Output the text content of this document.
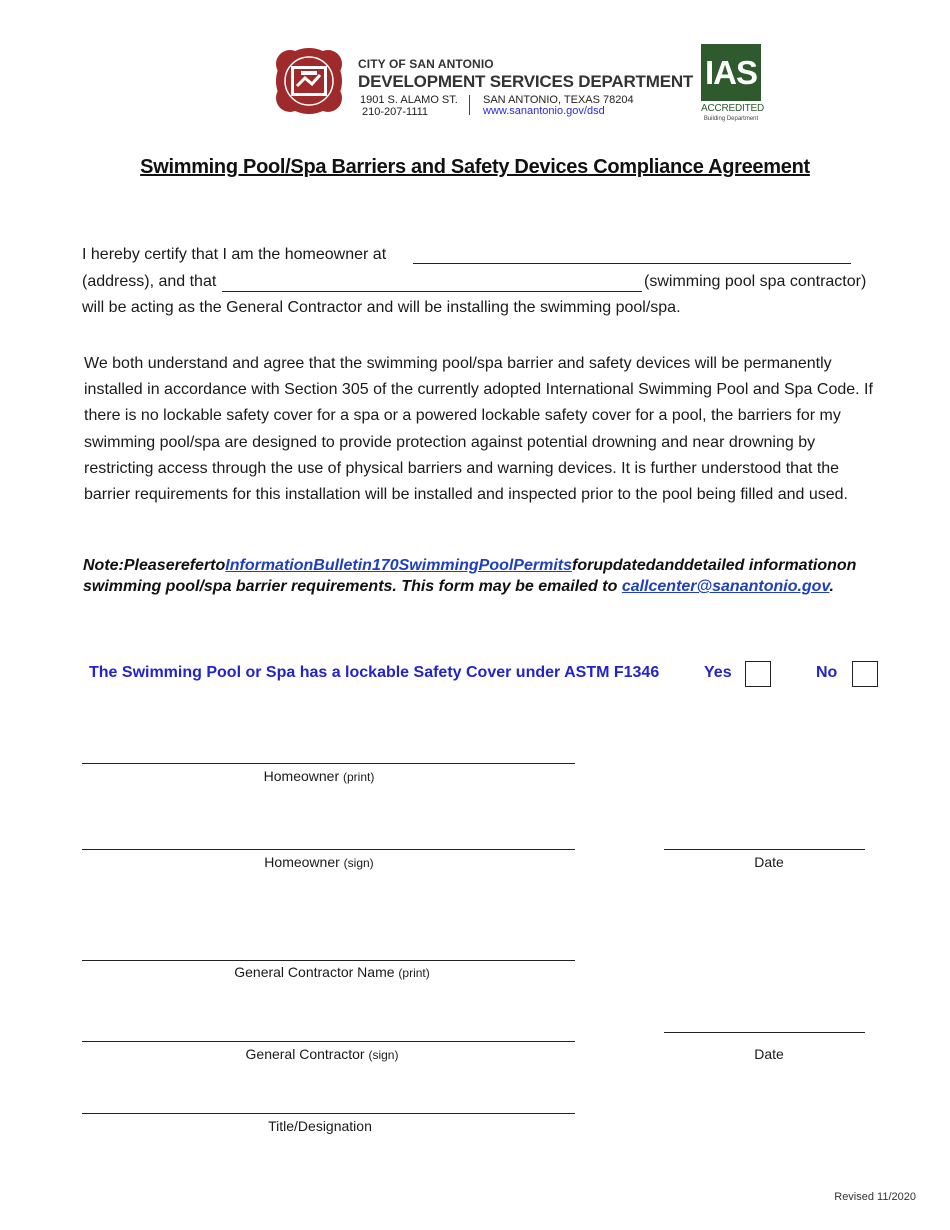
CITY OF SAN ANTONIO
DEVELOPMENT SERVICES DEPARTMENT
1901 S. ALAMO ST.
210-207-1111
SAN ANTONIO, TEXAS 78204
www.sanantonio.gov/dsd
IAS
ACCREDITED
Building Department
Swimming Pool/Spa Barriers and Safety Devices Compliance Agreement
I hereby certify that I am the homeowner at
(address), and that	(swimming pool spa contractor)
will be acting as the General Contractor and will be installing the swimming pool/spa.
We both understand and agree that the swimming pool/spa barrier and safety devices will be permanently installed in accordance with Section 305 of the currently adopted International Swimming Pool and Spa Code. If there is no lockable safety cover for a spa or a powered lockable safety cover for a pool, the barriers for my swimming pool/spa are designed to provide protection against potential drowning and near drowning by restricting access through the use of physical barriers and warning devices. It is further understood that the barrier requirements for this installation will be installed and inspected prior to the pool being filled and used.
Note:PleaserefertoInformationBulletin170SwimmingPoolPermitsforupdatedanddetailed informationon swimming pool/spa barrier requirements. This form may be emailed to callcenter@sanantonio.gov.
The Swimming Pool or Spa has a lockable Safety Cover under ASTM F1346	Yes	No
Homeowner (print)
Homeowner (sign)	Date
General Contractor Name (print)
General Contractor (sign)	Date
Title/Designation
Revised 11/2020
